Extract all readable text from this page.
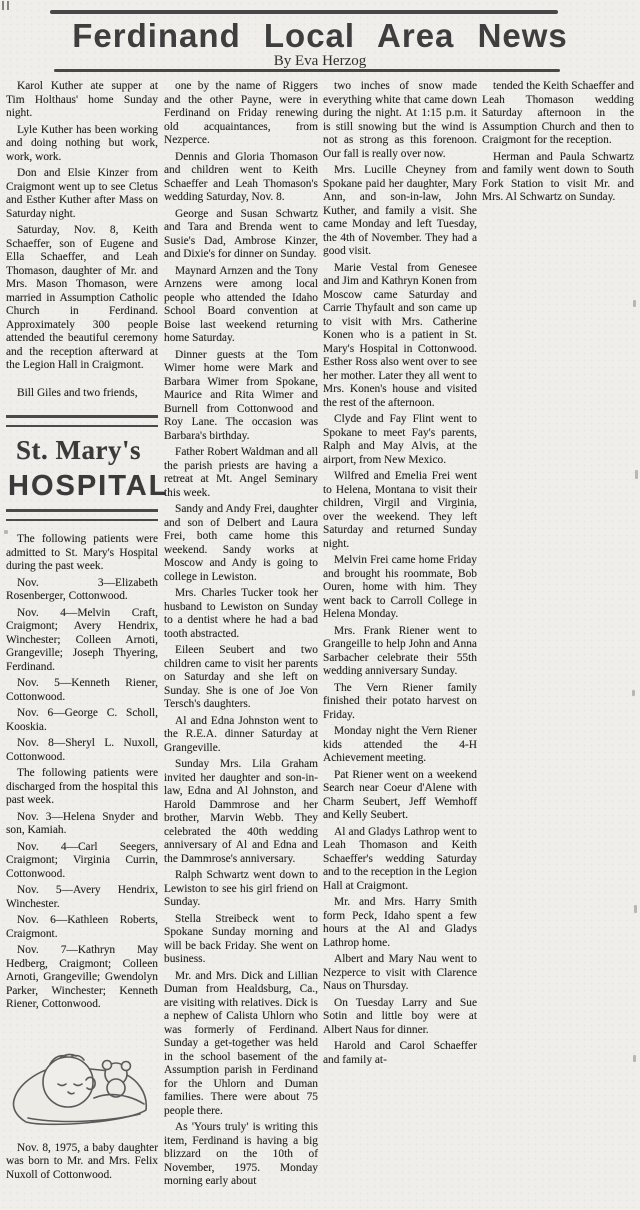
Ferdinand Local Area News
By Eva Herzog

Karol Kuther ate supper at Tim Holthaus' home Sunday night.

Lyle Kuther has been working and doing nothing but work, work, work.

Don and Elsie Kinzer from Craigmont went up to see Cletus and Esther Kuther after Mass on Saturday night.

Saturday, Nov. 8, Keith Schaeffer, son of Eugene and Ella Schaeffer, and Leah Thomason, daughter of Mr. and Mrs. Mason Thomason, were married in Assumption Catholic Church in Ferdinand. Approximately 300 people attended the beautiful ceremony and the reception afterward at the Legion Hall in Craigmont.

Bill Giles and two friends,

St. Mary's
HOSPITAL

The following patients were admitted to St. Mary's Hospital during the past week.

Nov. 3—Elizabeth Rosenberger, Cottonwood.

Nov. 4—Melvin Craft, Craigmont; Avery Hendrix, Winchester; Colleen Arnoti, Grangeville; Joseph Thyering, Ferdinand.

Nov. 5—Kenneth Riener, Cottonwood.

Nov. 6—George C. Scholl, Kooskia.

Nov. 8—Sheryl L. Nuxoll, Cottonwood.

The following patients were discharged from the hospital this past week.

Nov. 3—Helena Snyder and son, Kamiah.

Nov. 4—Carl Seegers, Craigmont; Virginia Currin, Cottonwood.

Nov. 5—Avery Hendrix, Winchester.

Nov. 6—Kathleen Roberts, Craigmont.

Nov. 7—Kathryn May Hedberg, Craigmont; Colleen Arnoti, Grangeville; Gwendolyn Parker, Winchester; Kenneth Riener, Cottonwood.

Nov. 8, 1975, a baby daughter was born to Mr. and Mrs. Felix Nuxoll of Cottonwood.

one by the name of Riggers and the other Payne, were in Ferdinand on Friday renewing old acquaintances, from Nezperce.

Dennis and Gloria Thomason and children went to Keith Schaeffer and Leah Thomason's wedding Saturday, Nov. 8.

George and Susan Schwartz and Tara and Brenda went to Susie's Dad, Ambrose Kinzer, and Dixie's for dinner on Sunday.

Maynard Arnzen and the Tony Arnzens were among local people who attended the Idaho School Board convention at Boise last weekend returning home Saturday.

Dinner guests at the Tom Wimer home were Mark and Barbara Wimer from Spokane, Maurice and Rita Wimer and Burnell from Cottonwood and Roy Lane. The occasion was Barbara's birthday.

Father Robert Waldman and all the parish priests are having a retreat at Mt. Angel Seminary this week.

Sandy and Andy Frei, daughter and son of Delbert and Laura Frei, both came home this weekend. Sandy works at Moscow and Andy is going to college in Lewiston.

Mrs. Charles Tucker took her husband to Lewiston on Sunday to a dentist where he had a bad tooth abstracted.

Eileen Seubert and two children came to visit her parents on Saturday and she left on Sunday. She is one of Joe Von Tersch's daughters.

Al and Edna Johnston went to the R.E.A. dinner Saturday at Grangeville.

Sunday Mrs. Lila Graham invited her daughter and son-in-law, Edna and Al Johnston, and Harold Dammrose and her brother, Marvin Webb. They celebrated the 40th wedding anniversary of Al and Edna and the Dammrose's anniversary.

Ralph Schwartz went down to Lewiston to see his girl friend on Sunday.

Stella Streibeck went to Spokane Sunday morning and will be back Friday. She went on business.

Mr. and Mrs. Dick and Lillian Duman from Healdsburg, Ca., are visiting with relatives. Dick is a nephew of Calista Uhlorn who was formerly of Ferdinand. Sunday a get-together was held in the school basement of the Assumption parish in Ferdinand for the Uhlorn and Duman families. There were about 75 people there.

As 'Yours truly' is writing this item, Ferdinand is having a big blizzard on the 10th of November, 1975. Monday morning early about

two inches of snow made everything white that came down during the night. At 1:15 p.m. it is still snowing but the wind is not as strong as this forenoon. Our fall is really over now.

Mrs. Lucille Cheyney from Spokane paid her daughter, Mary Ann, and son-in-law, John Kuther, and family a visit. She came Monday and left Tuesday, the 4th of November. They had a good visit.

Marie Vestal from Genesee and Jim and Kathryn Konen from Moscow came Saturday and Carrie Thyfault and son came up to visit with Mrs. Catherine Konen who is a patient in St. Mary's Hospital in Cottonwood. Esther Ross also went over to see her mother. Later they all went to Mrs. Konen's house and visited the rest of the afternoon.

Clyde and Fay Flint went to Spokane to meet Fay's parents, Ralph and May Alvis, at the airport, from New Mexico.

Wilfred and Emelia Frei went to Helena, Montana to visit their children, Virgil and Virginia, over the weekend. They left Saturday and returned Sunday night.

Melvin Frei came home Friday and brought his roommate, Bob Ouren, home with him. They went back to Carroll College in Helena Monday.

Mrs. Frank Riener went to Grangeille to help John and Anna Sarbacher celebrate their 55th wedding anniversary Sunday.

The Vern Riener family finished their potato harvest on Friday.

Monday night the Vern Riener kids attended the 4-H Achievement meeting.

Pat Riener went on a weekend Search near Coeur d'Alene with Charm Seubert, Jeff Wemhoff and Kelly Seubert.

Al and Gladys Lathrop went to Leah Thomason and Keith Schaeffer's wedding Saturday and to the reception in the Legion Hall at Craigmont.

Mr. and Mrs. Harry Smith form Peck, Idaho spent a few hours at the Al and Gladys Lathrop home.

Albert and Mary Nau went to Nezperce to visit with Clarence Naus on Thursday.

On Tuesday Larry and Sue Sotin and little boy were at Albert Naus for dinner.

Harold and Carol Schaeffer and family at-

tended the Keith Schaeffer and Leah Thomason wedding Saturday afternoon in the Assumption Church and then to Craigmont for the reception.

Herman and Paula Schwartz and family went down to South Fork Station to visit Mr. and Mrs. Al Schwartz on Sunday.
